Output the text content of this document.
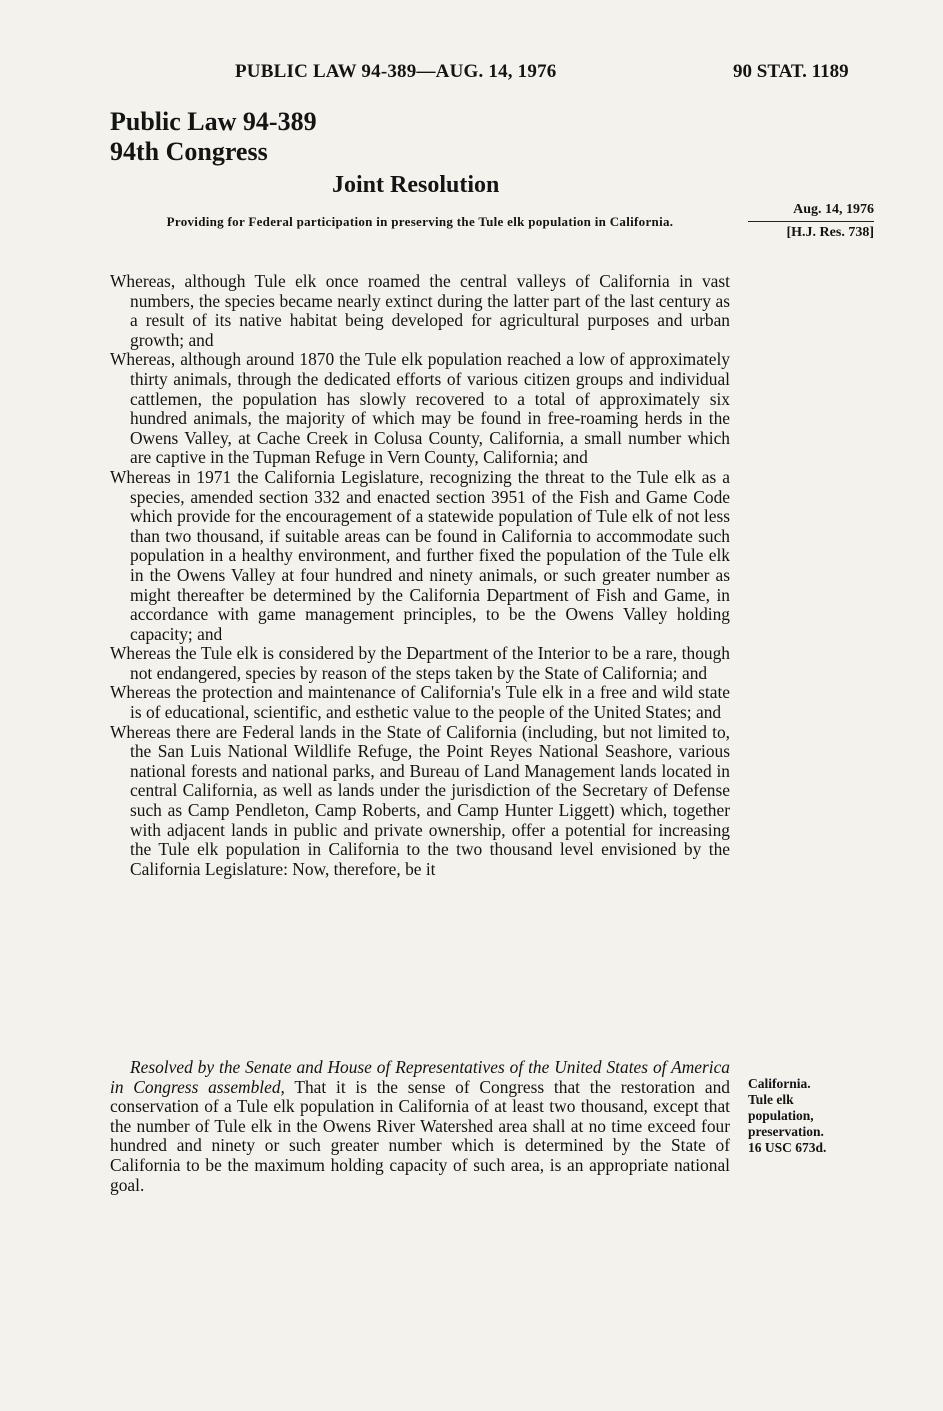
PUBLIC LAW 94-389—AUG. 14, 1976	90 STAT. 1189
Public Law 94-389
94th Congress
Joint Resolution
Providing for Federal participation in preserving the Tule elk population in California.
Aug. 14, 1976
[H.J. Res. 738]

Whereas, although Tule elk once roamed the central valleys of California in vast numbers, the species became nearly extinct during the latter part of the last century as a result of its native habitat being developed for agricultural purposes and urban growth; and

Whereas, although around 1870 the Tule elk population reached a low of approximately thirty animals, through the dedicated efforts of various citizen groups and individual cattlemen, the population has slowly recovered to a total of approximately six hundred animals, the majority of which may be found in free-roaming herds in the Owens Valley, at Cache Creek in Colusa County, California, a small number which are captive in the Tupman Refuge in Vern County, California; and

Whereas in 1971 the California Legislature, recognizing the threat to the Tule elk as a species, amended section 332 and enacted section 3951 of the Fish and Game Code which provide for the encouragement of a statewide population of Tule elk of not less than two thousand, if suitable areas can be found in California to accommodate such population in a healthy environment, and further fixed the population of the Tule elk in the Owens Valley at four hundred and ninety animals, or such greater number as might thereafter be determined by the California Department of Fish and Game, in accordance with game management principles, to be the Owens Valley holding capacity; and

Whereas the Tule elk is considered by the Department of the Interior to be a rare, though not endangered, species by reason of the steps taken by the State of California; and

Whereas the protection and maintenance of California's Tule elk in a free and wild state is of educational, scientific, and esthetic value to the people of the United States; and

Whereas there are Federal lands in the State of California (including, but not limited to, the San Luis National Wildlife Refuge, the Point Reyes National Seashore, various national forests and national parks, and Bureau of Land Management lands located in central California, as well as lands under the jurisdiction of the Secretary of Defense such as Camp Pendleton, Camp Roberts, and Camp Hunter Liggett) which, together with adjacent lands in public and private ownership, offer a potential for increasing the Tule elk population in California to the two thousand level envisioned by the California Legislature: Now, therefore, be it

Resolved by the Senate and House of Representatives of the United States of America in Congress assembled, That it is the sense of Congress that the restoration and conservation of a Tule elk population in California of at least two thousand, except that the number of Tule elk in the Owens River Watershed area shall at no time exceed four hundred and ninety or such greater number which is determined by the State of California to be the maximum holding capacity of such area, is an appropriate national goal.

California.
Tule elk
population,
preservation.
16 USC 673d.
